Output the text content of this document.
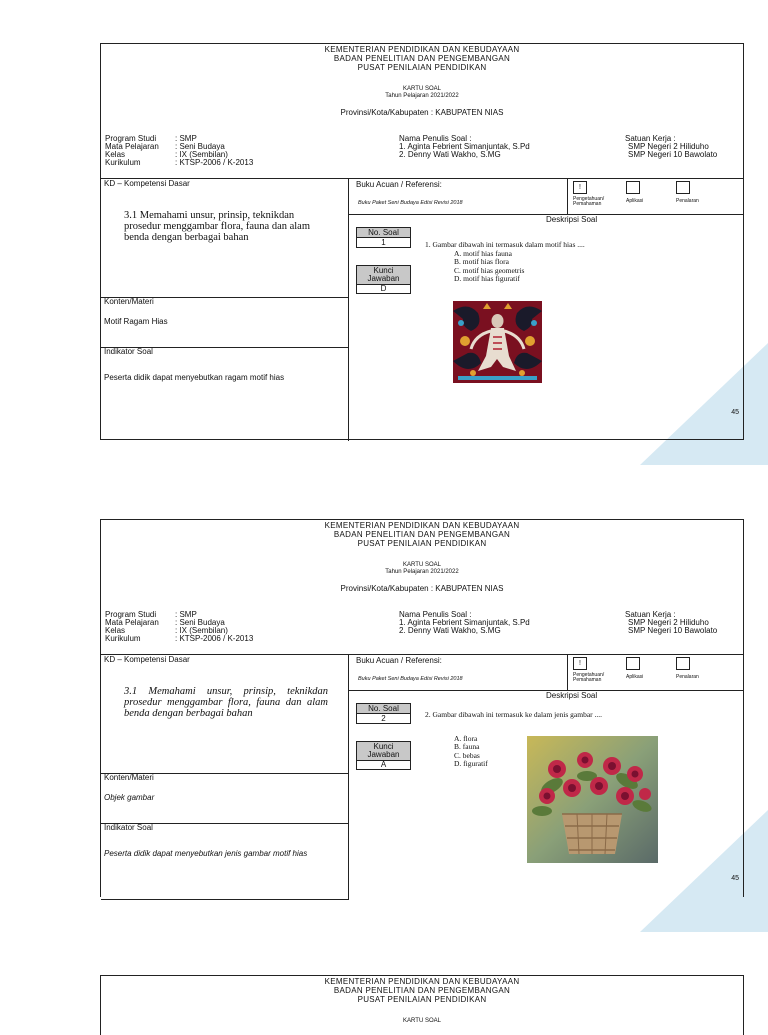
KEMENTERIAN PENDIDIKAN DAN KEBUDAYAAN
BADAN PENELITIAN DAN PENGEMBANGAN
PUSAT PENILAIAN PENDIDIKAN
KARTU SOAL
Tahun Pelajaran 2021/2022
Provinsi/Kota/Kabupaten : KABUPATEN NIAS
Program Studi	: SMP
Mata Pelajaran	: Seni Budaya
Kelas	: IX (Sembilan)
Kurikulum	: KTSP-2006 / K-2013
Nama Penulis Soal :
1. Aginta Febrient Simanjuntak, S.Pd
2. Denny Wati Wakho, S.MG
Satuan Kerja :
SMP Negeri 2 Hiliduho
SMP Negeri 10 Bawolato
KD – Kompetensi Dasar
3.1 Memahami unsur, prinsip, teknikdan prosedur menggambar flora, fauna dan alam benda dengan berbagai bahan
Konten/Materi
Motif Ragam Hias
Indikator Soal
Peserta didik dapat menyebutkan ragam motif hias
Buku Acuan / Referensi:
Buku Paket Seni Budaya Edisi Revisi 2018
!
Pengetahuan/ Pemahaman	Aplikasi	Penalaran
Deskripsi Soal
No. Soal
1
Kunci Jawaban
D
1. Gambar dibawah ini termasuk dalam motif hias ....
A. motif hias fauna
B. motif hias flora
C. motif hias geometris
D. motif hias figuratif
45
KEMENTERIAN PENDIDIKAN DAN KEBUDAYAAN
BADAN PENELITIAN DAN PENGEMBANGAN
PUSAT PENILAIAN PENDIDIKAN
KARTU SOAL
Tahun Pelajaran 2021/2022
Provinsi/Kota/Kabupaten : KABUPATEN NIAS
Program Studi	: SMP
Mata Pelajaran	: Seni Budaya
Kelas	: IX (Sembilan)
Kurikulum	: KTSP-2006 / K-2013
Nama Penulis Soal :
1. Aginta Febrient Simanjuntak, S.Pd
2. Denny Wati Wakho, S.MG
Satuan Kerja :
SMP Negeri 2 Hiliduho
SMP Negeri 10 Bawolato
KD – Kompetensi Dasar
3.1 Memahami unsur, prinsip, teknikdan prosedur menggambar flora, fauna dan alam benda dengan berbagai bahan
Konten/Materi
Objek gambar
Indikator Soal
Peserta didik dapat menyebutkan jenis gambar motif hias
Buku Acuan / Referensi:
Buku Paket Seni Budaya Edisi Revisi 2018
!
Pengetahuan/ Pemahaman	Aplikasi	Penalaran
Deskripsi Soal
No. Soal
2
Kunci Jawaban
A
2. Gambar dibawah ini termasuk ke dalam jenis gambar ....
A. flora
B. fauna
C. bebas
D. figuratif
45
KEMENTERIAN PENDIDIKAN DAN KEBUDAYAAN
BADAN PENELITIAN DAN PENGEMBANGAN
PUSAT PENILAIAN PENDIDIKAN
KARTU SOAL
